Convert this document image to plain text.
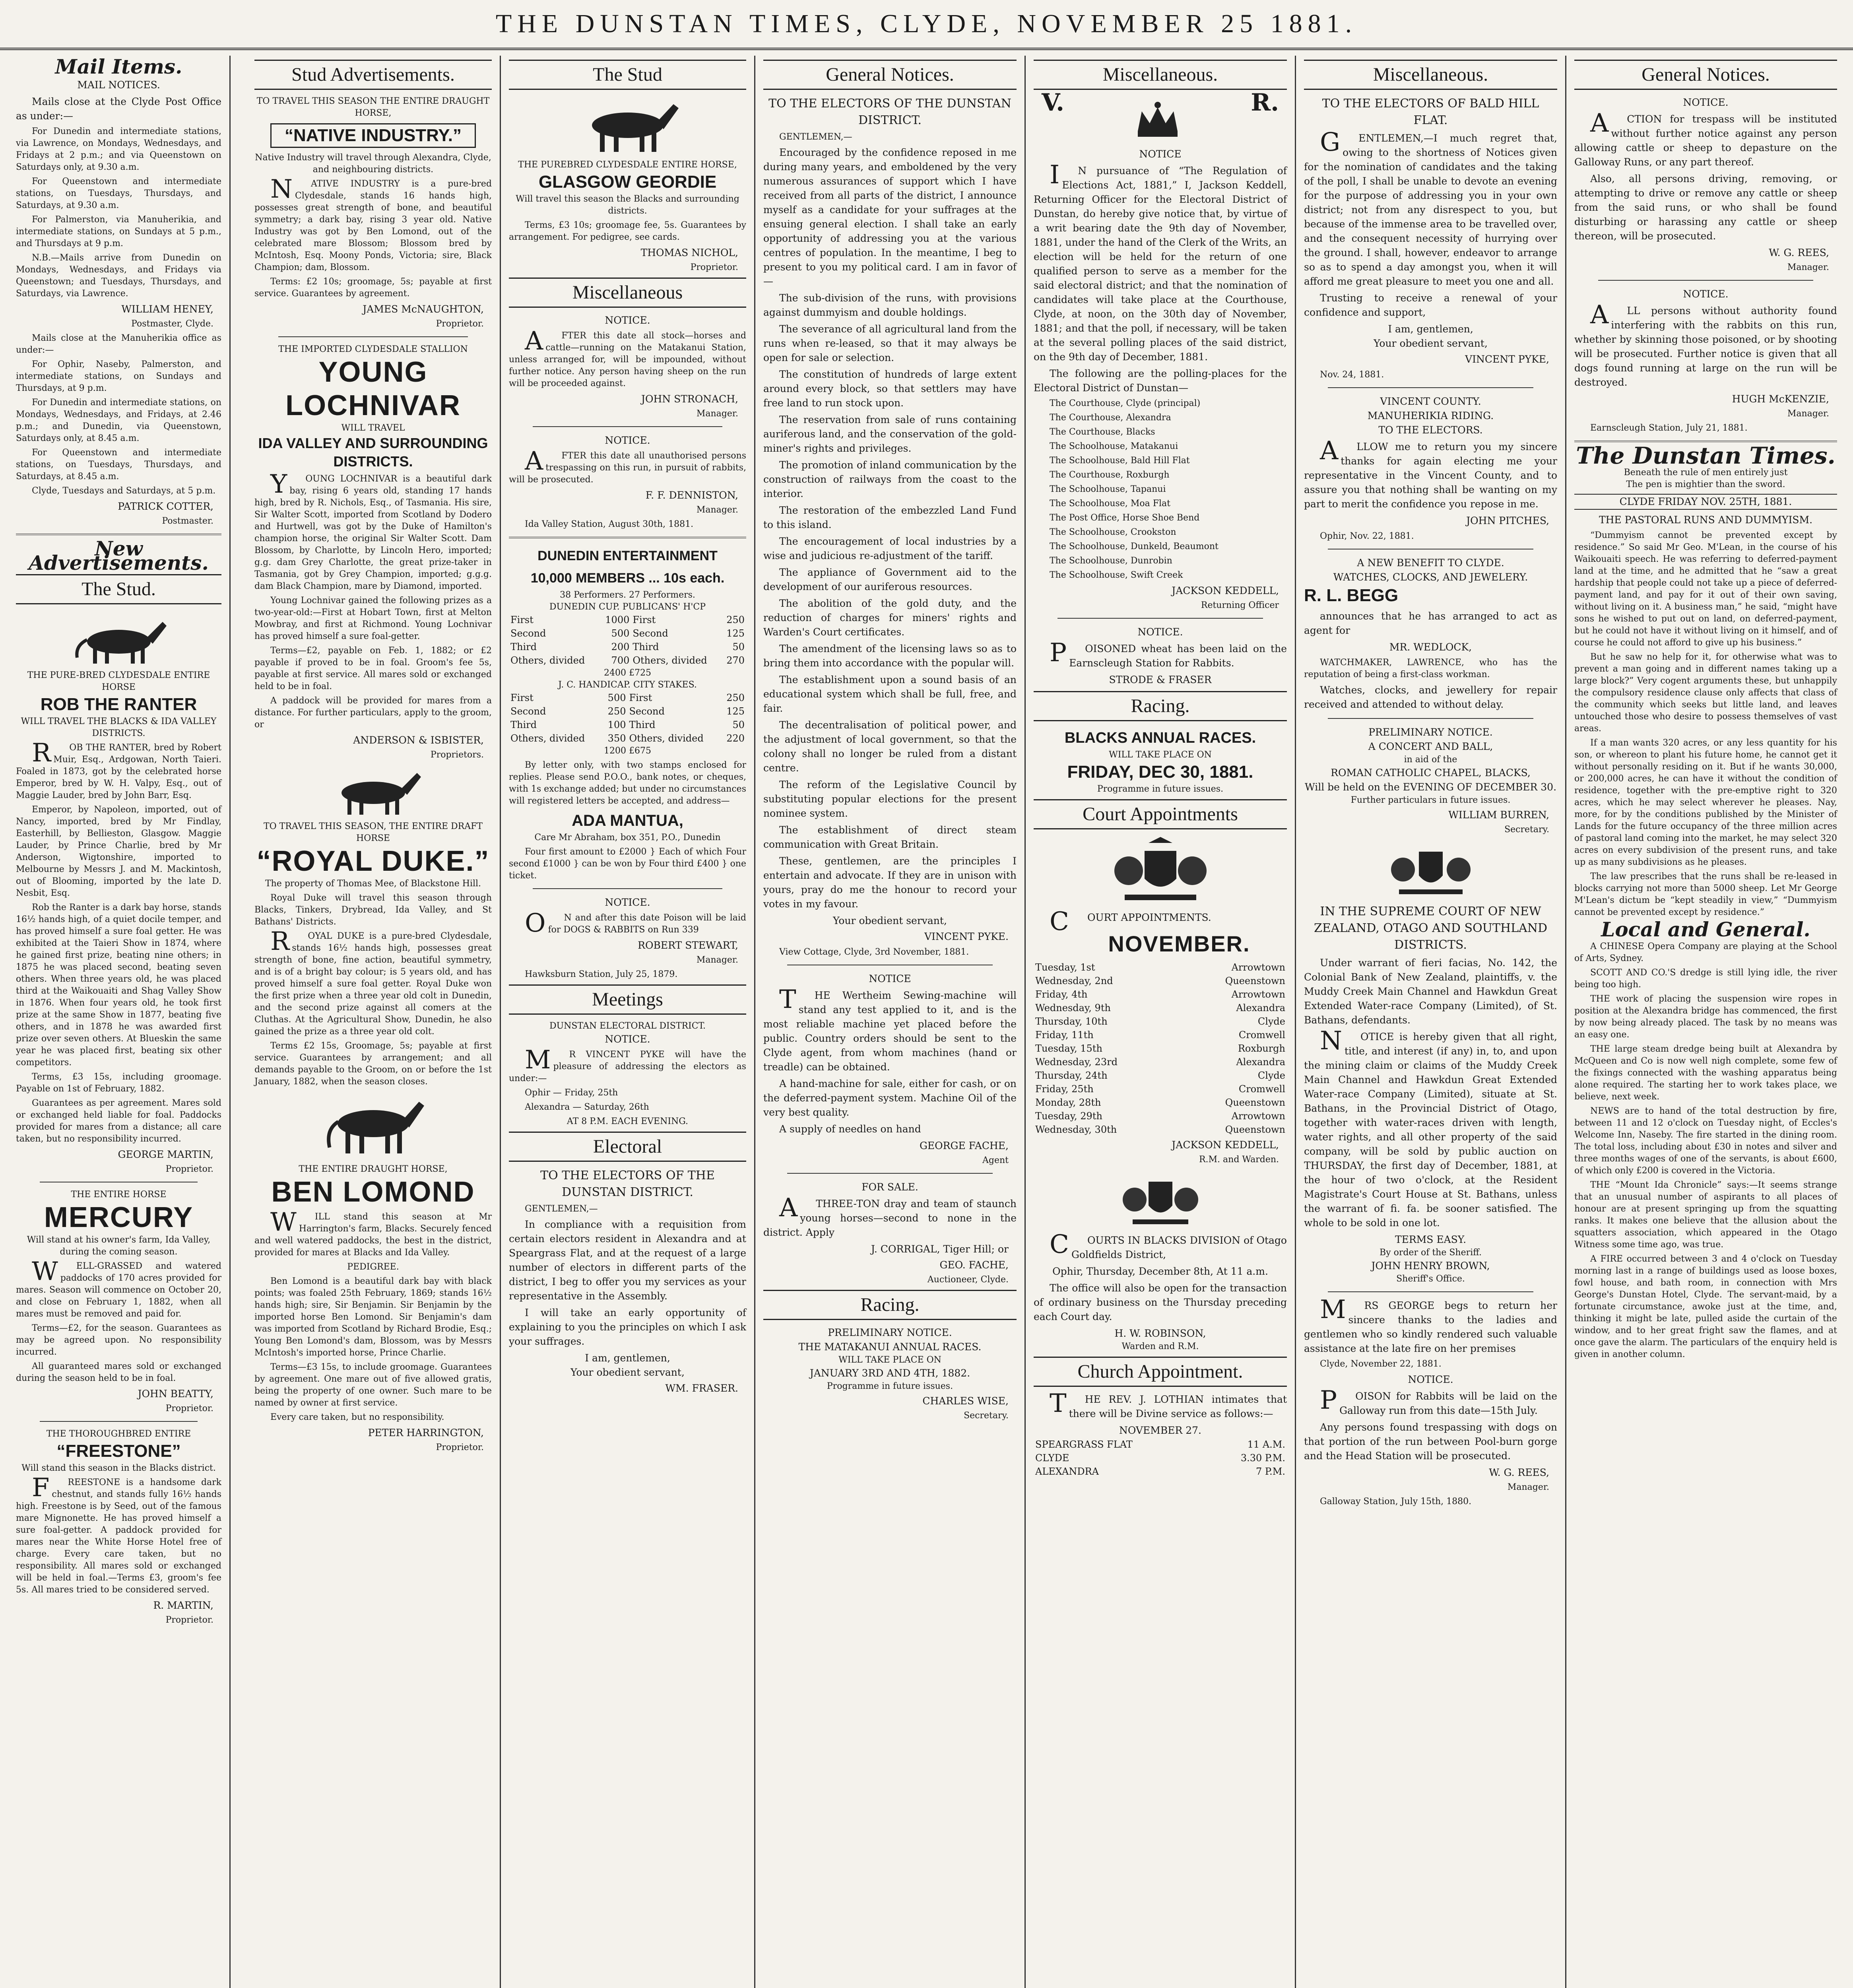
THE DUNSTAN TIMES, CLYDE, NOVEMBER 25 1881.
Mail Items.
MAIL NOTICES.
Mails close at the Clyde Post Office as under:—
For Dunedin and intermediate stations, via Lawrence, on Mondays, Wednesdays, and Fridays at 2 p.m.; and via Queenstown on Saturdays only, at 9.30 a.m.
For Queenstown and intermediate stations, on Tuesdays, Thursdays, and Saturdays, at 9.30 a.m.
For Palmerston, via Manuherikia, and intermediate stations, on Sundays at 5 p.m., and Thursdays at 9 p.m.
N.B.—Mails arrive from Dunedin on Mondays, Wednesdays, and Fridays via Queenstown; and Tuesdays, Thursdays, and Saturdays, via Lawrence.
WILLIAM HENEY,
Postmaster, Clyde.
Mails close at the Manuherikia office as under:—
For Ophir, Naseby, Palmerston, and intermediate stations, on Sundays and Thursdays, at 9 p.m.
For Dunedin and intermediate stations, on Mondays, Wednesdays, and Fridays, at 2.46 p.m.; and Dunedin, via Queenstown, Saturdays only, at 8.45 a.m.
For Queenstown and intermediate stations, on Tuesdays, Thursdays, and Saturdays, at 8.45 a.m.
Clyde, Tuesdays and Saturdays, at 5 p.m.
PATRICK COTTER,
Postmaster.
New Advertisements.
The Stud.
THE PURE-BRED CLYDESDALE ENTIRE HORSE
ROB THE RANTER
WILL TRAVEL THE BLACKS & IDA VALLEY DISTRICTS.
ROB THE RANTER, bred by Robert Muir, Esq., Ardgowan, North Taieri. Foaled in 1873, got by the celebrated horse Emperor, bred by W. H. Valpy, Esq., out of Maggie Lauder, bred by John Barr, Esq.
Emperor, by Napoleon, imported, out of Nancy, imported, bred by Mr Findlay, Easterhill, by Bellieston, Glasgow. Maggie Lauder, by Prince Charlie, bred by Mr Anderson, Wigtonshire, imported to Melbourne by Messrs J. and M. Mackintosh, out of Blooming, imported by the late D. Nesbit, Esq.
Rob the Ranter is a dark bay horse, stands 16½ hands high, of a quiet docile temper, and has proved himself a sure foal getter. He was exhibited at the Taieri Show in 1874, where he gained first prize, beating nine others; in 1875 he was placed second, beating seven others. When three years old, he was placed third at the Waikouaiti and Shag Valley Show in 1876. When four years old, he took first prize at the same Show in 1877, beating five others, and in 1878 he was awarded first prize over seven others. At Blueskin the same year he was placed first, beating six other competitors.
Terms, £3 15s, including groomage. Payable on 1st of February, 1882.
Guarantees as per agreement. Mares sold or exchanged held liable for foal. Paddocks provided for mares from a distance; all care taken, but no responsibility incurred.
GEORGE MARTIN,
Proprietor.
THE ENTIRE HORSE
MERCURY
Will stand at his owner's farm, Ida Valley, during the coming season.
WELL-GRASSED and watered paddocks of 170 acres provided for mares. Season will commence on October 20, and close on February 1, 1882, when all mares must be removed and paid for.
Terms—£2, for the season. Guarantees as may be agreed upon. No responsibility incurred.
All guaranteed mares sold or exchanged during the season held to be in foal.
JOHN BEATTY,
Proprietor.
THE THOROUGHBRED ENTIRE
“FREESTONE”
Will stand this season in the Blacks district.
FREESTONE is a handsome dark chestnut, and stands fully 16½ hands high. Freestone is by Seed, out of the famous mare Mignonette. He has proved himself a sure foal-getter. A paddock provided for mares near the White Horse Hotel free of charge. Every care taken, but no responsibility. All mares sold or exchanged will be held in foal.—Terms £3, groom's fee 5s. All mares tried to be considered served.
R. MARTIN,
Proprietor.
Stud Advertisements.
TO TRAVEL THIS SEASON THE ENTIRE DRAUGHT HORSE,
“NATIVE INDUSTRY.”
Native Industry will travel through Alexandra, Clyde, and neighbouring districts.
NATIVE INDUSTRY is a pure-bred Clydesdale, stands 16 hands high, possesses great strength of bone, and beautiful symmetry; a dark bay, rising 3 year old. Native Industry was got by Ben Lomond, out of the celebrated mare Blossom; Blossom bred by McIntosh, Esq. Moony Ponds, Victoria; sire, Black Champion; dam, Blossom.
Terms: £2 10s; groomage, 5s; payable at first service. Guarantees by agreement.
JAMES McNAUGHTON,
Proprietor.
THE IMPORTED CLYDESDALE STALLION
YOUNG LOCHNIVAR
WILL TRAVEL
IDA VALLEY AND SURROUNDING DISTRICTS.
YOUNG LOCHNIVAR is a beautiful dark bay, rising 6 years old, standing 17 hands high, bred by R. Nichols, Esq., of Tasmania. His sire, Sir Walter Scott, imported from Scotland by Dodero and Hurtwell, was got by the Duke of Hamilton's champion horse, the original Sir Walter Scott. Dam Blossom, by Charlotte, by Lincoln Hero, imported; g.g. dam Grey Charlotte, the great prize-taker in Tasmania, got by Grey Champion, imported; g.g.g. dam Black Champion, mare by Diamond, imported.
Young Lochnivar gained the following prizes as a two-year-old:—First at Hobart Town, first at Melton Mowbray, and first at Richmond. Young Lochnivar has proved himself a sure foal-getter.
Terms—£2, payable on Feb. 1, 1882; or £2 payable if proved to be in foal. Groom's fee 5s, payable at first service. All mares sold or exchanged held to be in foal.
A paddock will be provided for mares from a distance. For further particulars, apply to the groom, or
ANDERSON & ISBISTER,
Proprietors.
TO TRAVEL THIS SEASON, THE ENTIRE DRAFT HORSE
“ROYAL DUKE.”
The property of Thomas Mee, of Blackstone Hill.
Royal Duke will travel this season through Blacks, Tinkers, Drybread, Ida Valley, and St Bathans' Districts.
ROYAL DUKE is a pure-bred Clydesdale, stands 16½ hands high, possesses great strength of bone, fine action, beautiful symmetry, and is of a bright bay colour; is 5 years old, and has proved himself a sure foal getter. Royal Duke won the first prize when a three year old colt in Dunedin, and the second prize against all comers at the Cluthas. At the Agricultural Show, Dunedin, he also gained the prize as a three year old colt.
Terms £2 15s, Groomage, 5s; payable at first service. Guarantees by arrangement; and all demands payable to the Groom, on or before the 1st January, 1882, when the season closes.
THE ENTIRE DRAUGHT HORSE,
BEN LOMOND
WILL stand this season at Mr Harrington's farm, Blacks. Securely fenced and well watered paddocks, the best in the district, provided for mares at Blacks and Ida Valley.
PEDIGREE.
Ben Lomond is a beautiful dark bay with black points; was foaled 25th February, 1869; stands 16½ hands high; sire, Sir Benjamin. Sir Benjamin by the imported horse Ben Lomond. Sir Benjamin's dam was imported from Scotland by Richard Brodie, Esq.; Young Ben Lomond's dam, Blossom, was by Messrs McIntosh's imported horse, Prince Charlie.
Terms—£3 15s, to include groomage. Guarantees by agreement. One mare out of five allowed gratis, being the property of one owner. Such mare to be named by owner at first service.
Every care taken, but no responsibility.
PETER HARRINGTON,
Proprietor.
The Stud
THE PUREBRED CLYDESDALE ENTIRE HORSE,
GLASGOW GEORDIE
Will travel this season the Blacks and surrounding districts.
Terms, £3 10s; groomage fee, 5s. Guarantees by arrangement. For pedigree, see cards.
THOMAS NICHOL,
Proprietor.
Miscellaneous
NOTICE.
AFTER this date all stock—horses and cattle—running on the Matakanui Station, unless arranged for, will be impounded, without further notice. Any person having sheep on the run will be proceeded against.
JOHN STRONACH,
Manager.
NOTICE.
AFTER this date all unauthorised persons trespassing on this run, in pursuit of rabbits, will be prosecuted.
F. F. DENNISTON,
Manager.
Ida Valley Station, August 30th, 1881.
DUNEDIN ENTERTAINMENT
10,000 MEMBERS ... 10s each.
38 Performers. 27 Performers.
DUNEDIN CUP. PUBLICANS' H'CP
First	1000	First	250
Second	500	Second	125
Third	200	Third	50
Others, divided	700	Others, divided	270
2400 £725
J. C. HANDICAP. CITY STAKES.
First	500	First	250
Second	250	Second	125
Third	100	Third	50
Others, divided	350	Others, divided	220
1200 £675
By letter only, with two stamps enclosed for replies. Please send P.O.O., bank notes, or cheques, with 1s exchange added; but under no circumstances will registered letters be accepted, and address—
ADA MANTUA,
Care Mr Abraham, box 351, P.O., Dunedin
Four first amount to £2000 } Each of which Four second £1000 } can be won by Four third £400 } one ticket.
NOTICE.
ON and after this date Poison will be laid for DOGS & RABBITS on Run 339
ROBERT STEWART,
Manager.
Hawksburn Station, July 25, 1879.
Meetings
DUNSTAN ELECTORAL DISTRICT.
NOTICE.
MR VINCENT PYKE will have the pleasure of addressing the electors as under:—
Ophir — Friday, 25th
Alexandra — Saturday, 26th
AT 8 P.M. EACH EVENING.
Electoral
TO THE ELECTORS OF THE DUNSTAN DISTRICT.
GENTLEMEN,—
In compliance with a requisition from certain electors resident in Alexandra and at Speargrass Flat, and at the request of a large number of electors in different parts of the district, I beg to offer you my services as your representative in the Assembly.
I will take an early opportunity of explaining to you the principles on which I ask your suffrages.
I am, gentlemen,
Your obedient servant,
WM. FRASER.
General Notices.
TO THE ELECTORS OF THE DUNSTAN DISTRICT.
GENTLEMEN,—
Encouraged by the confidence reposed in me during many years, and emboldened by the very numerous assurances of support which I have received from all parts of the district, I announce myself as a candidate for your suffrages at the ensuing general election. I shall take an early opportunity of addressing you at the various centres of population. In the meantime, I beg to present to you my political card. I am in favor of—
The sub-division of the runs, with provisions against dummyism and double holdings.
The severance of all agricultural land from the runs when re-leased, so that it may always be open for sale or selection.
The constitution of hundreds of large extent around every block, so that settlers may have free land to run stock upon.
The reservation from sale of runs containing auriferous land, and the conservation of the gold-miner's rights and privileges.
The promotion of inland communication by the construction of railways from the coast to the interior.
The restoration of the embezzled Land Fund to this island.
The encouragement of local industries by a wise and judicious re-adjustment of the tariff.
The appliance of Government aid to the development of our auriferous resources.
The abolition of the gold duty, and the reduction of charges for miners' rights and Warden's Court certificates.
The amendment of the licensing laws so as to bring them into accordance with the popular will.
The establishment upon a sound basis of an educational system which shall be full, free, and fair.
The decentralisation of political power, and the adjustment of local government, so that the colony shall no longer be ruled from a distant centre.
The reform of the Legislative Council by substituting popular elections for the present nominee system.
The establishment of direct steam communication with Great Britain.
These, gentlemen, are the principles I entertain and advocate. If they are in unison with yours, pray do me the honour to record your votes in my favour.
Your obedient servant,
VINCENT PYKE.
View Cottage, Clyde, 3rd November, 1881.
NOTICE
THE Wertheim Sewing-machine will stand any test applied to it, and is the most reliable machine yet placed before the public. Country orders should be sent to the Clyde agent, from whom machines (hand or treadle) can be obtained.
A hand-machine for sale, either for cash, or on the deferred-payment system. Machine Oil of the very best quality.
A supply of needles on hand
GEORGE FACHE,
Agent
FOR SALE.
ATHREE-TON dray and team of staunch young horses—second to none in the district. Apply
J. CORRIGAL, Tiger Hill; or
GEO. FACHE,
Auctioneer, Clyde.
Racing.
PRELIMINARY NOTICE.
THE MATAKANUI ANNUAL RACES.
WILL TAKE PLACE ON
JANUARY 3RD AND 4TH, 1882.
Programme in future issues.
CHARLES WISE,
Secretary.
Miscellaneous.
V.	R.
NOTICE
IN pursuance of “The Regulation of Elections Act, 1881,” I, Jackson Keddell, Returning Officer for the Electoral District of Dunstan, do hereby give notice that, by virtue of a writ bearing date the 9th day of November, 1881, under the hand of the Clerk of the Writs, an election will be held for the return of one qualified person to serve as a member for the said electoral district; and that the nomination of candidates will take place at the Courthouse, Clyde, at noon, on the 30th day of November, 1881; and that the poll, if necessary, will be taken at the several polling places of the said district, on the 9th day of December, 1881.
The following are the polling-places for the Electoral District of Dunstan—
The Courthouse, Clyde (principal)
The Courthouse, Alexandra
The Courthouse, Blacks
The Schoolhouse, Matakanui
The Schoolhouse, Bald Hill Flat
The Courthouse, Roxburgh
The Schoolhouse, Tapanui
The Schoolhouse, Moa Flat
The Post Office, Horse Shoe Bend
The Schoolhouse, Crookston
The Schoolhouse, Dunkeld, Beaumont
The Schoolhouse, Dunrobin
The Schoolhouse, Swift Creek
JACKSON KEDDELL,
Returning Officer
NOTICE.
POISONED wheat has been laid on the Earnscleugh Station for Rabbits.
STRODE & FRASER
Racing.
BLACKS ANNUAL RACES.
WILL TAKE PLACE ON
FRIDAY, DEC 30, 1881.
Programme in future issues.
Court Appointments
COURT APPOINTMENTS.
NOVEMBER.
Tuesday, 1st	Arrowtown
Wednesday, 2nd	Queenstown
Friday, 4th	Arrowtown
Wednesday, 9th	Alexandra
Thursday, 10th	Clyde
Friday, 11th	Cromwell
Tuesday, 15th	Roxburgh
Wednesday, 23rd	Alexandra
Thursday, 24th	Clyde
Friday, 25th	Cromwell
Monday, 28th	Queenstown
Tuesday, 29th	Arrowtown
Wednesday, 30th	Queenstown
JACKSON KEDDELL,
R.M. and Warden.
COURTS IN BLACKS DIVISION of Otago Goldfields District,
Ophir, Thursday, December 8th, At 11 a.m.
The office will also be open for the transaction of ordinary business on the Thursday preceding each Court day.
H. W. ROBINSON,
Warden and R.M.
Church Appointment.
THE REV. J. LOTHIAN intimates that there will be Divine service as follows:—
NOVEMBER 27.
SPEARGRASS FLAT	11 A.M.
CLYDE	3.30 P.M.
ALEXANDRA	7 P.M.
Miscellaneous.
TO THE ELECTORS OF BALD HILL FLAT.
GENTLEMEN,—I much regret that, owing to the shortness of Notices given for the nomination of candidates and the taking of the poll, I shall be unable to devote an evening for the purpose of addressing you in your own district; not from any disrespect to you, but because of the immense area to be travelled over, and the consequent necessity of hurrying over the ground. I shall, however, endeavor to arrange so as to spend a day amongst you, when it will afford me great pleasure to meet you one and all.
Trusting to receive a renewal of your confidence and support,
I am, gentlemen,
Your obedient servant,
VINCENT PYKE,
Nov. 24, 1881.
VINCENT COUNTY.
MANUHERIKIA RIDING.
TO THE ELECTORS.
ALLOW me to return you my sincere thanks for again electing me your representative in the Vincent County, and to assure you that nothing shall be wanting on my part to merit the confidence you repose in me.
JOHN PITCHES,
Ophir, Nov. 22, 1881.
A NEW BENEFIT TO CLYDE.
WATCHES, CLOCKS, AND JEWELERY.
R. L. BEGG
announces that he has arranged to act as agent for
MR. WEDLOCK,
WATCHMAKER, LAWRENCE, who has the reputation of being a first-class workman.
Watches, clocks, and jewellery for repair received and attended to without delay.
PRELIMINARY NOTICE.
A CONCERT AND BALL,
in aid of the
ROMAN CATHOLIC CHAPEL, BLACKS,
Will be held on the EVENING OF DECEMBER 30.
Further particulars in future issues.
WILLIAM BURREN,
Secretary.
IN THE SUPREME COURT OF NEW ZEALAND, OTAGO AND SOUTHLAND DISTRICTS.
Under warrant of fieri facias, No. 142, the Colonial Bank of New Zealand, plaintiffs, v. the Muddy Creek Main Channel and Hawkdun Great Extended Water-race Company (Limited), of St. Bathans, defendants.
NOTICE is hereby given that all right, title, and interest (if any) in, to, and upon the mining claim or claims of the Muddy Creek Main Channel and Hawkdun Great Extended Water-race Company (Limited), situate at St. Bathans, in the Provincial District of Otago, together with water-races driven with length, water rights, and all other property of the said company, will be sold by public auction on THURSDAY, the first day of December, 1881, at the hour of two o'clock, at the Resident Magistrate's Court House at St. Bathans, unless the warrant of fi. fa. be sooner satisfied. The whole to be sold in one lot.
TERMS EASY.
By order of the Sheriff.
JOHN HENRY BROWN,
Sheriff's Office.
MRS GEORGE begs to return her sincere thanks to the ladies and gentlemen who so kindly rendered such valuable assistance at the late fire on her premises
Clyde, November 22, 1881.
NOTICE.
POISON for Rabbits will be laid on the Galloway run from this date—15th July.
Any persons found trespassing with dogs on that portion of the run between Pool-burn gorge and the Head Station will be prosecuted.
W. G. REES,
Manager.
Galloway Station, July 15th, 1880.
General Notices.
NOTICE.
ACTION for trespass will be instituted without further notice against any person allowing cattle or sheep to depasture on the Galloway Runs, or any part thereof.
Also, all persons driving, removing, or attempting to drive or remove any cattle or sheep from the said runs, or who shall be found disturbing or harassing any cattle or sheep thereon, will be prosecuted.
W. G. REES,
Manager.
NOTICE.
ALL persons without authority found interfering with the rabbits on this run, whether by skinning those poisoned, or by shooting will be prosecuted. Further notice is given that all dogs found running at large on the run will be destroyed.
HUGH McKENZIE,
Manager.
Earnscleugh Station, July 21, 1881.
The Dunstan Times.
Beneath the rule of men entirely just
The pen is mightier than the sword.
CLYDE FRIDAY NOV. 25TH, 1881.
THE PASTORAL RUNS AND DUMMYISM.
“Dummyism cannot be prevented except by residence.” So said Mr Geo. M'Lean, in the course of his Waikouaiti speech. He was referring to deferred-payment land at the time, and he admitted that he “saw a great hardship that people could not take up a piece of deferred-payment land, and pay for it out of their own saving, without living on it. A business man,” he said, “might have sons he wished to put out on land, on deferred-payment, but he could not have it without living on it himself, and of course he could not afford to give up his business.”
But he saw no help for it, for otherwise what was to prevent a man going and in different names taking up a large block?” Very cogent arguments these, but unhappily the compulsory residence clause only affects that class of the community which seeks but little land, and leaves untouched those who desire to possess themselves of vast areas.
If a man wants 320 acres, or any less quantity for his son, or whereon to plant his future home, he cannot get it without personally residing on it. But if he wants 30,000, or 200,000 acres, he can have it without the condition of residence, together with the pre-emptive right to 320 acres, which he may select wherever he pleases. Nay, more, for by the conditions published by the Minister of Lands for the future occupancy of the three million acres of pastoral land coming into the market, he may select 320 acres on every subdivision of the present runs, and take up as many subdivisions as he pleases.
The law prescribes that the runs shall be re-leased in blocks carrying not more than 5000 sheep. Let Mr George M'Lean's dictum be “kept steadily in view,” “Dummyism cannot be prevented except by residence.”
Local and General.
A CHINESE Opera Company are playing at the School of Arts, Sydney.
SCOTT AND CO.'S dredge is still lying idle, the river being too high.
THE work of placing the suspension wire ropes in position at the Alexandra bridge has commenced, the first by now being already placed. The task by no means was an easy one.
THE large steam dredge being built at Alexandra by McQueen and Co is now well nigh complete, some few of the fixings connected with the washing apparatus being alone required. The starting her to work takes place, we believe, next week.
NEWS are to hand of the total destruction by fire, between 11 and 12 o'clock on Tuesday night, of Eccles's Welcome Inn, Naseby. The fire started in the dining room. The total loss, including about £30 in notes and silver and three months wages of one of the servants, is about £600, of which only £200 is covered in the Victoria.
THE “Mount Ida Chronicle” says:—It seems strange that an unusual number of aspirants to all places of honour are at present springing up from the squatting ranks. It makes one believe that the allusion about the squatters association, which appeared in the Otago Witness some time ago, was true.
A FIRE occurred between 3 and 4 o'clock on Tuesday morning last in a range of buildings used as loose boxes, fowl house, and bath room, in connection with Mrs George's Dunstan Hotel, Clyde. The servant-maid, by a fortunate circumstance, awoke just at the time, and, thinking it might be late, pulled aside the curtain of the window, and to her great fright saw the flames, and at once gave the alarm. The particulars of the enquiry held is given in another column.
